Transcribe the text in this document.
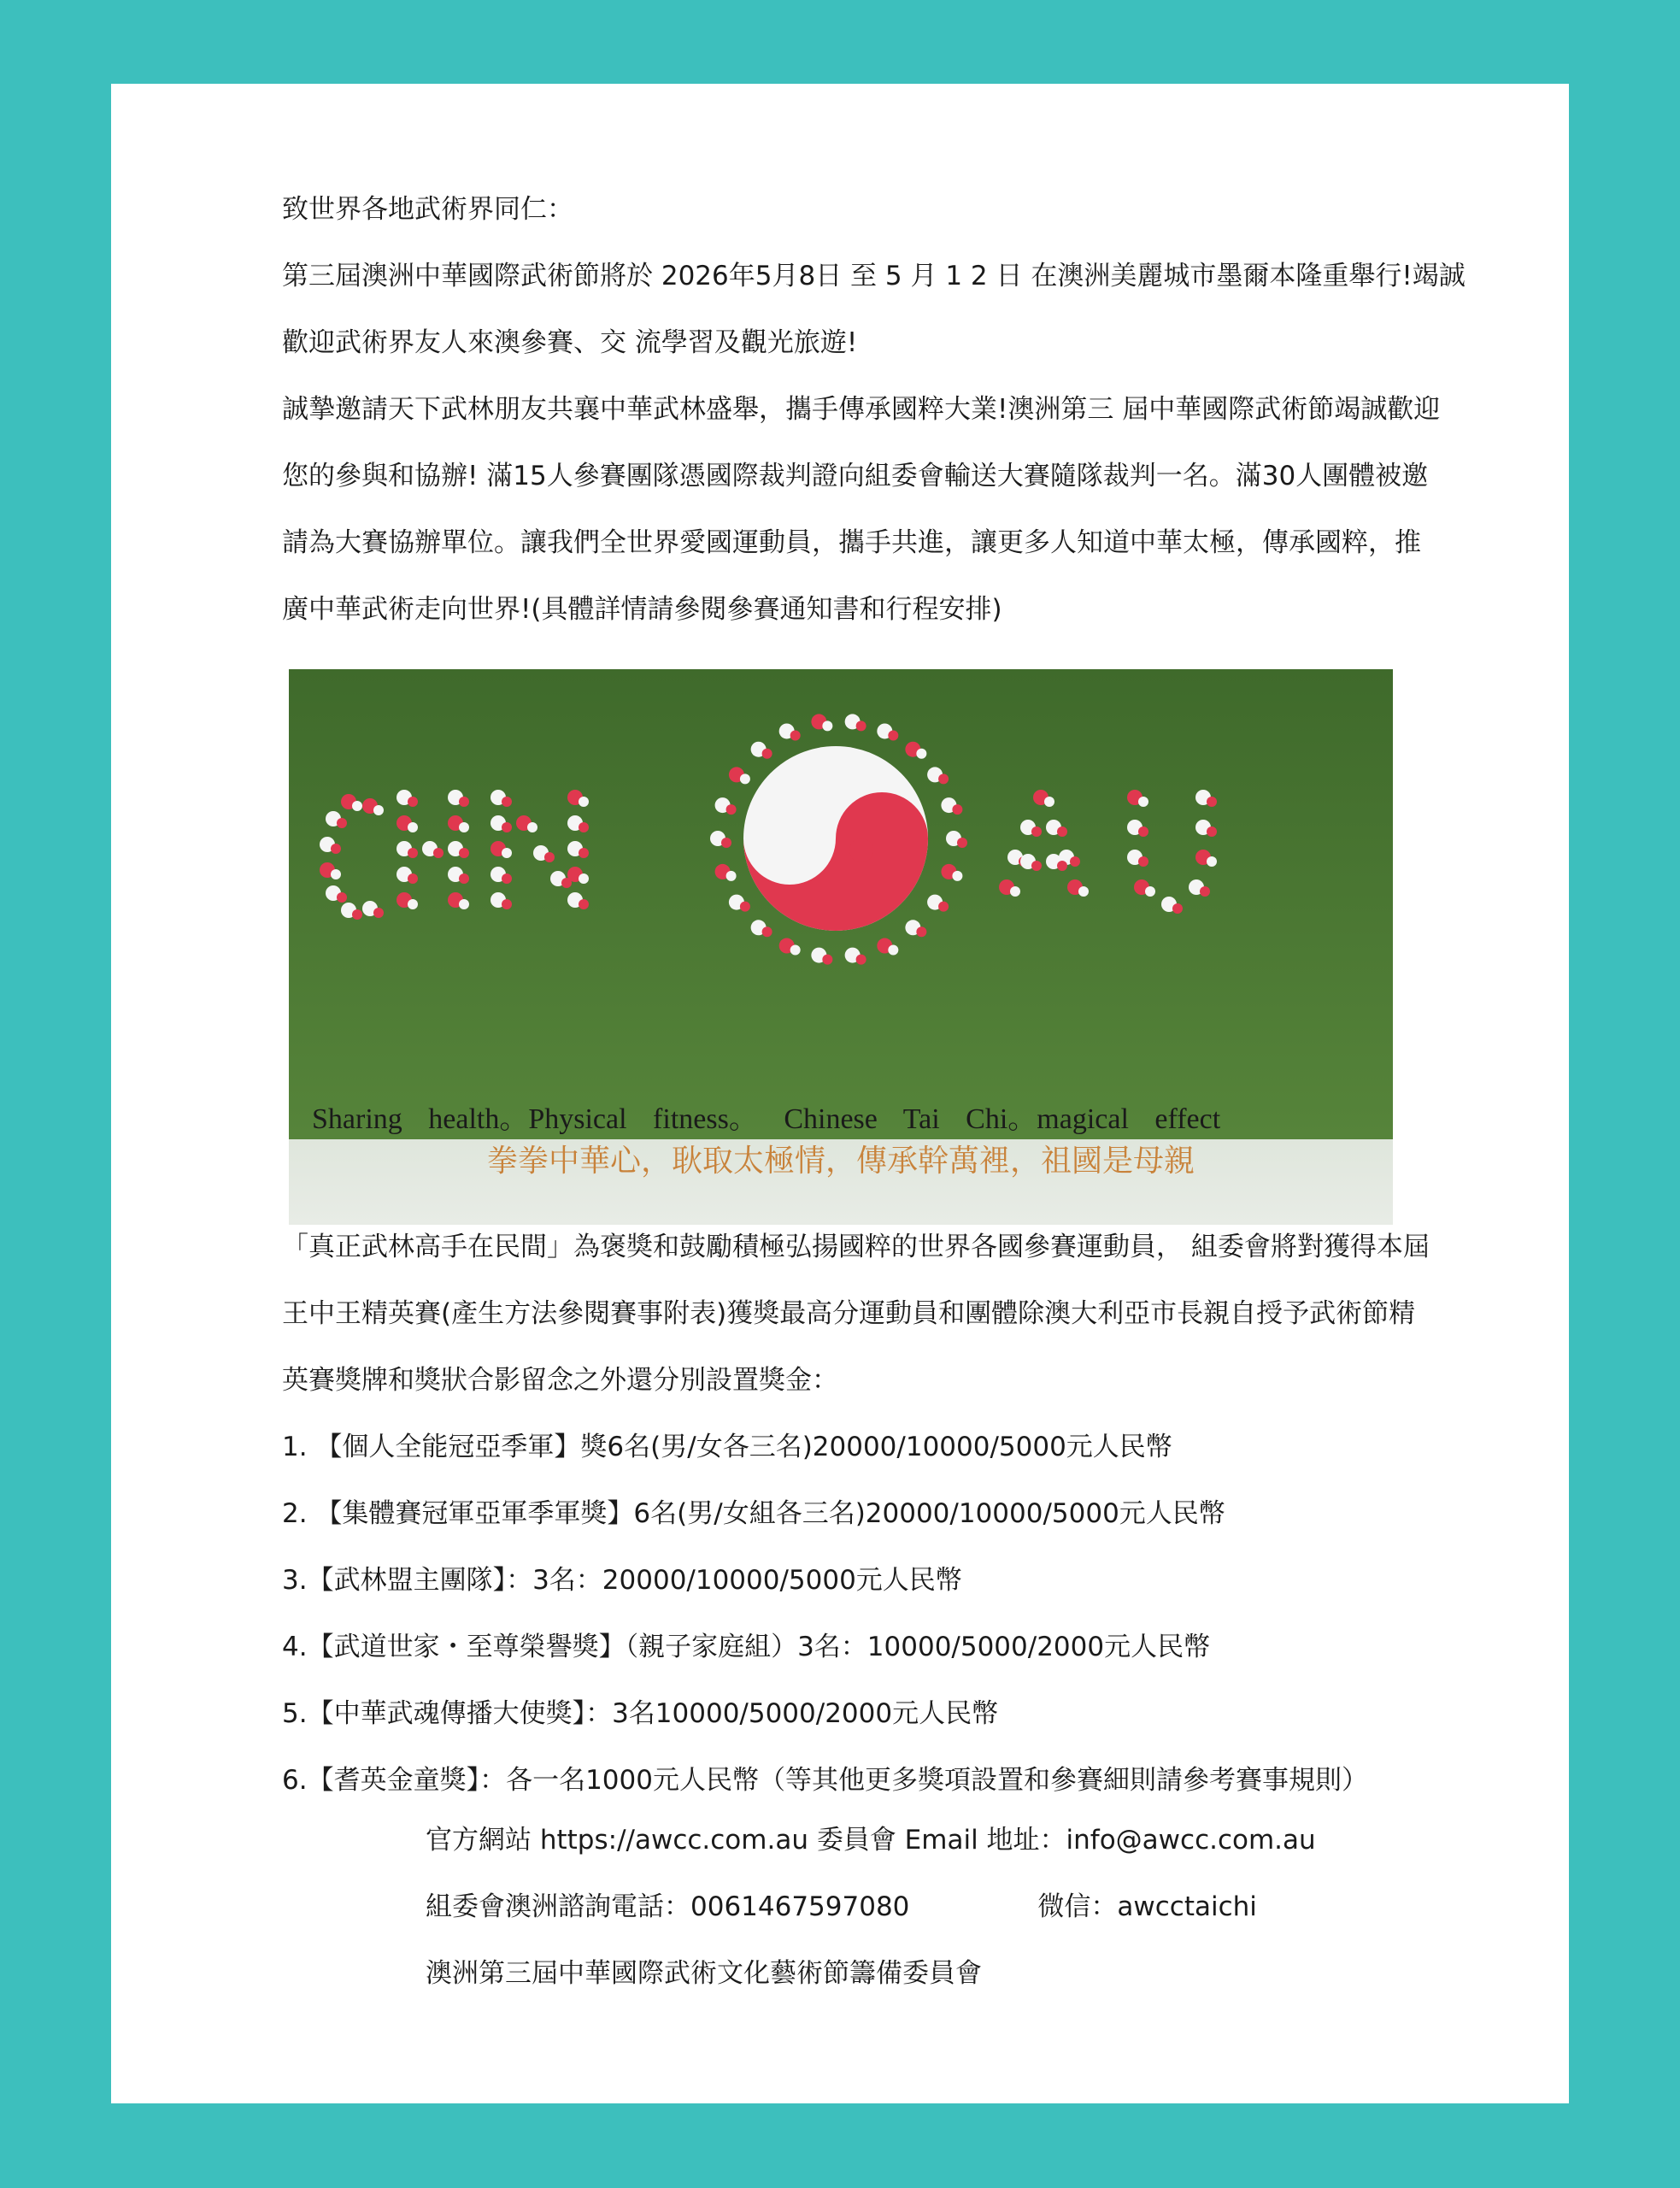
致世界各地武術界同仁：
第三屆澳洲中華國際武術節將於 2026年5月8日 至 5 月 1 2 日 在澳洲美麗城市墨爾本隆重舉行!竭誠
歡迎武術界友人來澳參賽、交 流學習及觀光旅遊!
誠摯邀請天下武林朋友共襄中華武林盛舉，攜手傳承國粹大業!澳洲第三 屆中華國際武術節竭誠歡迎
您的參與和協辦! 滿15人參賽團隊憑國際裁判證向組委會輸送大賽隨隊裁判一名。滿30人團體被邀
請為大賽協辦單位。讓我們全世界愛國運動員，攜手共進，讓更多人知道中華太極，傳承國粹，推
廣中華武術走向世界!(具體詳情請參閱參賽通知書和行程安排)
Sharing health。Physical fitness。 Chinese Tai Chi。magical effect
拳拳中華心，耿取太極情，傳承幹萬裡，祖國是母親
「真正武林高手在民間」為褒獎和鼓勵積極弘揚國粹的世界各國參賽運動員， 組委會將對獲得本屆
王中王精英賽(產生方法參閱賽事附表)獲獎最高分運動員和團體除澳大利亞市長親自授予武術節精
英賽獎牌和獎狀合影留念之外還分別設置獎金：
1. 【個人全能冠亞季軍】獎6名(男/女各三名)20000/10000/5000元人民幣
2. 【集體賽冠軍亞軍季軍獎】6名(男/女組各三名)20000/10000/5000元人民幣
3.【武林盟主團隊】：3名：20000/10000/5000元人民幣
4.【武道世家・至尊榮譽獎】（親子家庭組）3名：10000/5000/2000元人民幣
5.【中華武魂傳播大使獎】：3名10000/5000/2000元人民幣
6.【耆英金童獎】：各一名1000元人民幣（等其他更多獎項設置和參賽細則請參考賽事規則）
官方網站 https://awcc.com.au 委員會 Email 地址：info@awcc.com.au
組委會澳洲諮詢電話：0061467597080	微信：awcctaichi
澳洲第三屆中華國際武術文化藝術節籌備委員會
